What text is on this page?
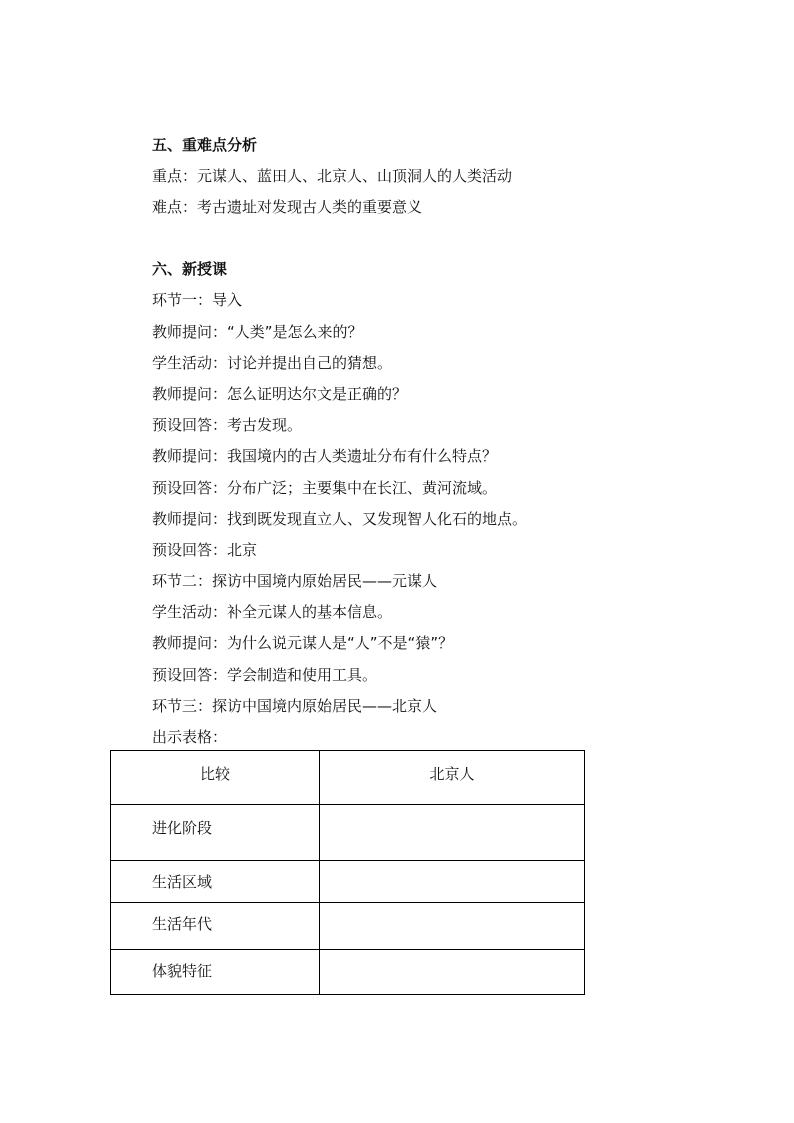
五、重难点分析
重点：元谋人、蓝田人、北京人、山顶洞人的人类活动
难点：考古遗址对发现古人类的重要意义
六、新授课
环节一：导入
教师提问：“人类”是怎么来的？
学生活动：讨论并提出自己的猜想。
教师提问：怎么证明达尔文是正确的？
预设回答：考古发现。
教师提问：我国境内的古人类遗址分布有什么特点？
预设回答：分布广泛；主要集中在长江、黄河流域。
教师提问：找到既发现直立人、又发现智人化石的地点。
预设回答：北京
环节二：探访中国境内原始居民——元谋人
学生活动：补全元谋人的基本信息。
教师提问：为什么说元谋人是“人”不是“猿”？
预设回答：学会制造和使用工具。
环节三：探访中国境内原始居民——北京人
出示表格：
比较	北京人
进化阶段	
生活区域	
生活年代	
体貌特征	
